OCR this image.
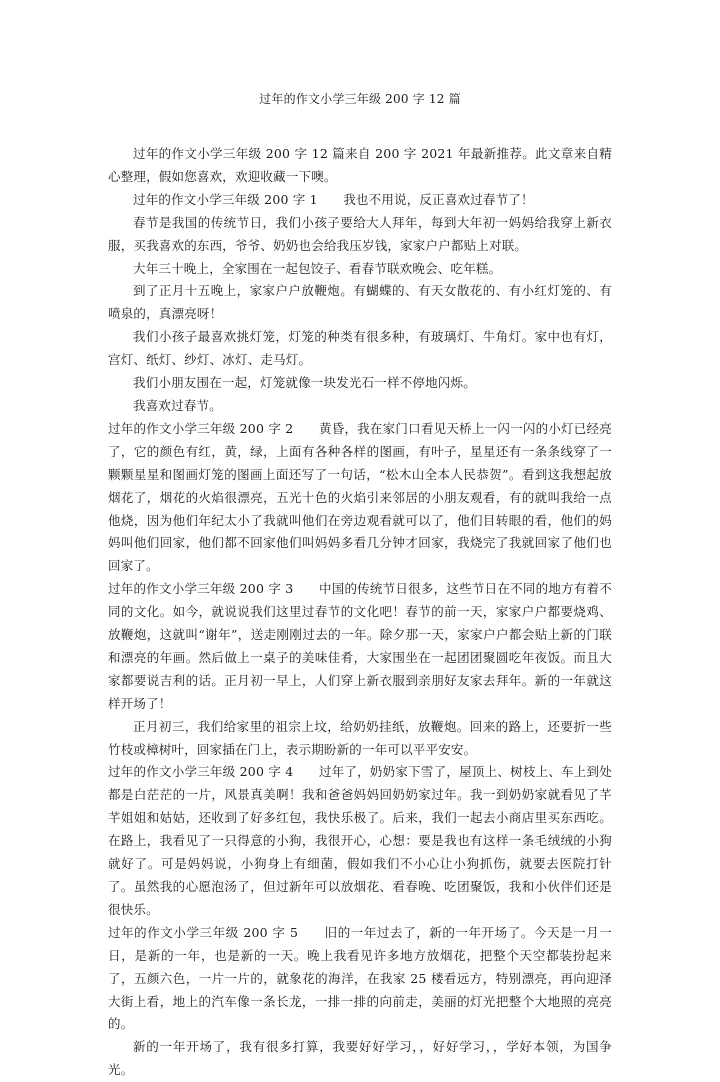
过年的作文小学三年级 200 字 12 篇

过年的作文小学三年级 200 字 12 篇来自 200 字 2021 年最新推荐。此文章来自精心整理，假如您喜欢，欢迎收藏一下噢。

过年的作文小学三年级 200 字 1　　我也不用说，反正喜欢过春节了！

春节是我国的传统节日，我们小孩子要给大人拜年，每到大年初一妈妈给我穿上新衣服，买我喜欢的东西，爷爷、奶奶也会给我压岁钱，家家户户都贴上对联。

大年三十晚上，全家围在一起包饺子、看春节联欢晚会、吃年糕。

到了正月十五晚上，家家户户放鞭炮。有蝴蝶的、有天女散花的、有小红灯笼的、有喷泉的，真漂亮呀！

我们小孩子最喜欢挑灯笼，灯笼的种类有很多种，有玻璃灯、牛角灯。家中也有灯，宫灯、纸灯、纱灯、冰灯、走马灯。

我们小朋友围在一起，灯笼就像一块发光石一样不停地闪烁。

我喜欢过春节。

过年的作文小学三年级 200 字 2　　黄昏，我在家门口看见天桥上一闪一闪的小灯已经亮了，它的颜色有红，黄，绿，上面有各种各样的图画，有叶子，星星还有一条条线穿了一颗颗星星和图画灯笼的图画上面还写了一句话，“松木山全本人民恭贺”。看到这我想起放烟花了，烟花的火焰很漂亮，五光十色的火焰引来邻居的小朋友观看，有的就叫我给一点他烧，因为他们年纪太小了我就叫他们在旁边观看就可以了，他们目转眼的看，他们的妈妈叫他们回家，他们都不回家他们叫妈妈多看几分钟才回家，我烧完了我就回家了他们也回家了。

过年的作文小学三年级 200 字 3　　中国的传统节日很多，这些节日在不同的地方有着不同的文化。如今，就说说我们这里过春节的文化吧！春节的前一天，家家户户都要烧鸡、放鞭炮，这就叫“谢年”，送走刚刚过去的一年。除夕那一天，家家户户都会贴上新的门联和漂亮的年画。然后做上一桌子的美味佳肴，大家围坐在一起团团聚圆吃年夜饭。而且大家都要说吉利的话。正月初一早上，人们穿上新衣服到亲朋好友家去拜年。新的一年就这样开场了！

正月初三，我们给家里的祖宗上坟，给奶奶挂纸，放鞭炮。回来的路上，还要折一些竹枝或樟树叶，回家插在门上，表示期盼新的一年可以平平安安。

过年的作文小学三年级 200 字 4　　过年了，奶奶家下雪了，屋顶上、树枝上、车上到处都是白茫茫的一片，风景真美啊！我和爸爸妈妈回奶奶家过年。我一到奶奶家就看见了芊芊姐姐和姑姑，还收到了好多红包，我快乐极了。后来，我们一起去小商店里买东西吃。在路上，我看见了一只得意的小狗，我很开心，心想：要是我也有这样一条毛绒绒的小狗就好了。可是妈妈说，小狗身上有细菌，假如我们不小心让小狗抓伤，就要去医院打针了。虽然我的心愿泡汤了，但过新年可以放烟花、看春晚、吃团聚饭，我和小伙伴们还是很快乐。

过年的作文小学三年级 200 字 5　　旧的一年过去了，新的一年开场了。今天是一月一日，是新的一年，也是新的一天。晚上我看见许多地方放烟花，把整个天空都装扮起来了，五颜六色，一片一片的，就象花的海洋，在我家 25 楼看远方，特别漂亮，再向迎泽大街上看，地上的汽车像一条长龙，一排一排的向前走，美丽的灯光把整个大地照的亮亮的。

新的一年开场了，我有很多打算，我要好好学习，，好好学习，，学好本领，为国争光。
